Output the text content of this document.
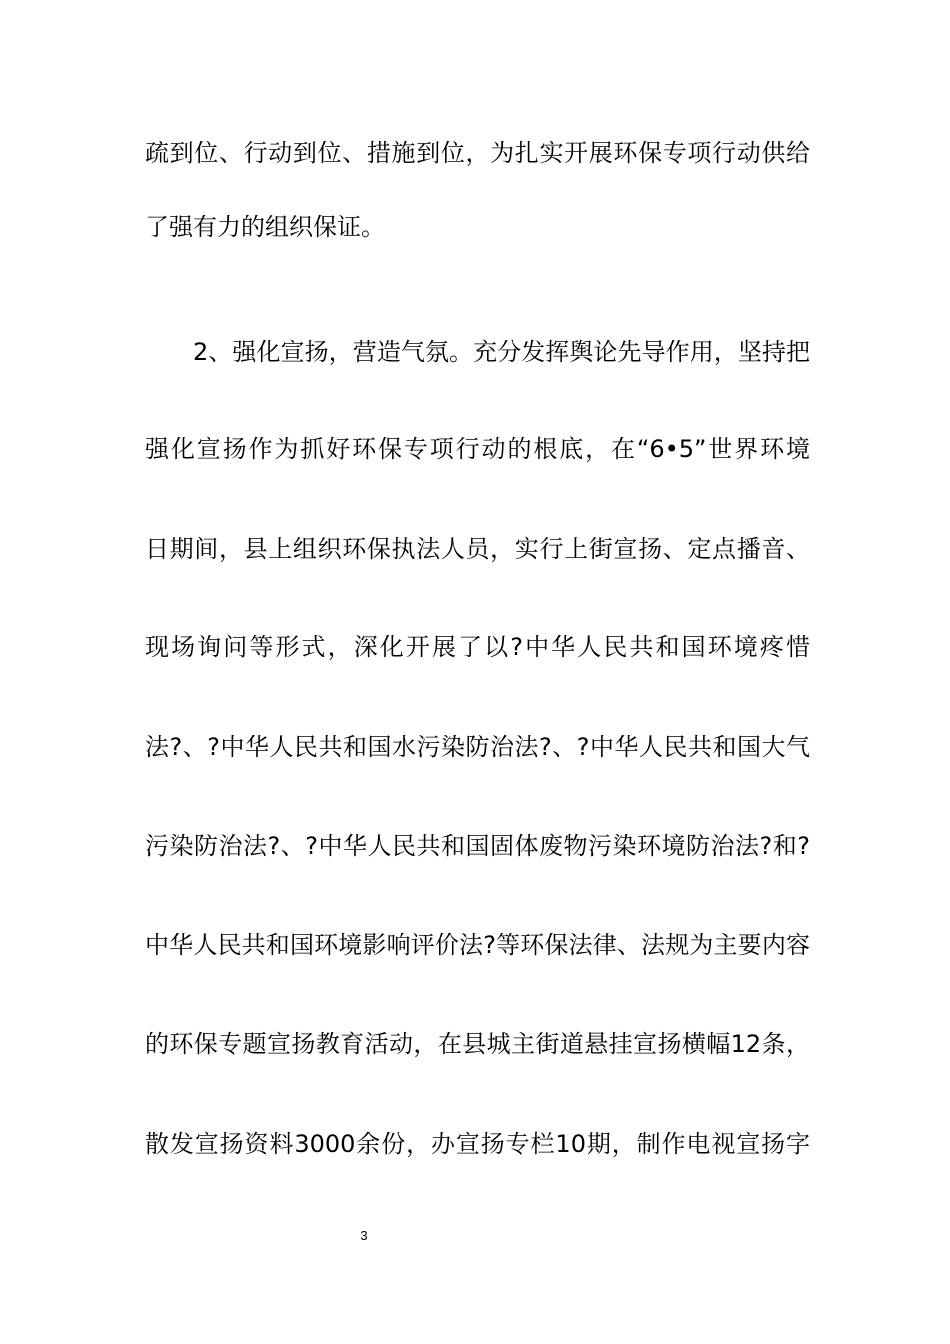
疏到位、行动到位、措施到位，为扎实开展环保专项行动供给
了强有力的组织保证。
2、强化宣扬，营造气氛。充分发挥舆论先导作用，坚持把
强化宣扬作为抓好环保专项行动的根底，在“6•5”世界环境
日期间，县上组织环保执法人员，实行上街宣扬、定点播音、
现场询问等形式，深化开展了以?中华人民共和国环境疼惜
法?、?中华人民共和国水污染防治法?、?中华人民共和国大气
污染防治法?、?中华人民共和国固体废物污染环境防治法?和?
中华人民共和国环境影响评价法?等环保法律、法规为主要内容
的环保专题宣扬教育活动，在县城主街道悬挂宣扬横幅12条，
散发宣扬资料3000余份，办宣扬专栏10期，制作电视宣扬字
3
